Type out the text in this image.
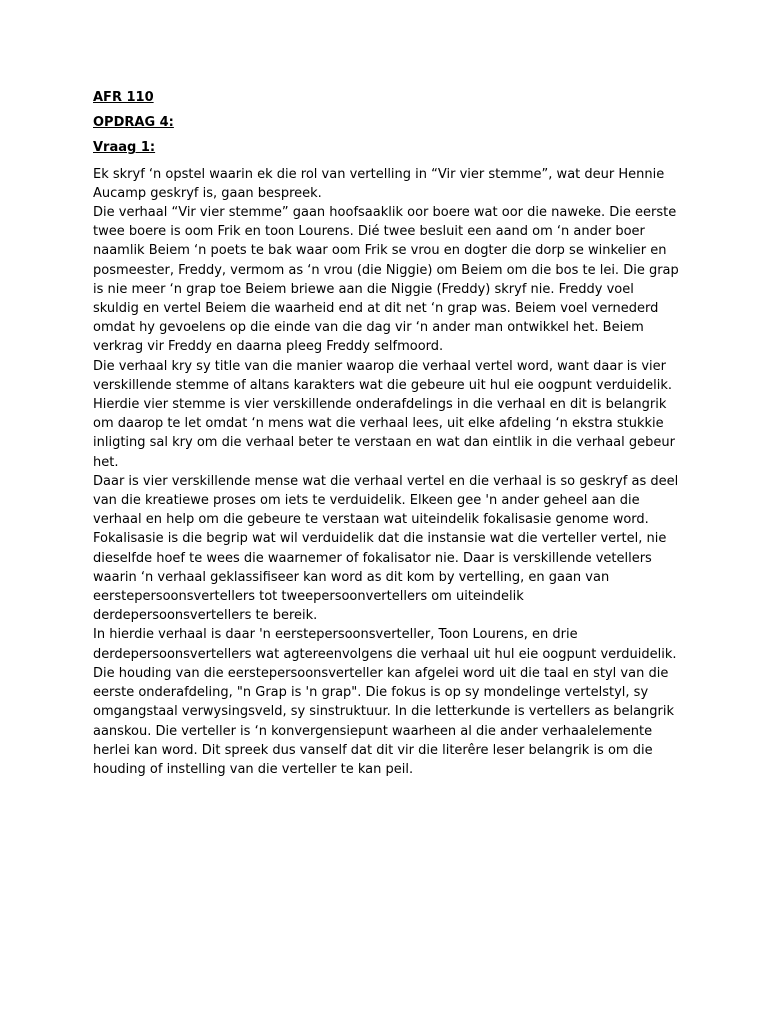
AFR 110

OPDRAG 4:

Vraag 1:

Ek skryf ‘n opstel waarin ek die rol van vertelling in “Vir vier stemme”, wat deur Hennie Aucamp geskryf is, gaan bespreek.

Die verhaal “Vir vier stemme” gaan hoofsaaklik oor boere wat oor die naweke. Die eerste twee boere is oom Frik en toon Lourens. Dié twee besluit een aand om ‘n ander boer naamlik Beiem ‘n poets te bak waar oom Frik se vrou en dogter die dorp se winkelier en posmeester, Freddy, vermom as ‘n vrou (die Niggie) om Beiem om die bos te lei. Die grap is nie meer ‘n grap toe Beiem briewe aan die Niggie (Freddy) skryf nie. Freddy voel skuldig en vertel Beiem die waarheid end at dit net ‘n grap was. Beiem voel vernederd omdat hy gevoelens op die einde van die dag vir ‘n ander man ontwikkel het. Beiem verkrag vir Freddy en daarna pleeg Freddy selfmoord.

Die verhaal kry sy title van die manier waarop die verhaal vertel word, want daar is vier verskillende stemme of altans karakters wat die gebeure uit hul eie oogpunt verduidelik. Hierdie vier stemme is vier verskillende onderafdelings in die verhaal en dit is belangrik om daarop te let omdat ‘n mens wat die verhaal lees, uit elke afdeling ‘n ekstra stukkie inligting sal kry om die verhaal beter te verstaan en wat dan eintlik in die verhaal gebeur het.

Daar is vier verskillende mense wat die verhaal vertel en die verhaal is so geskryf as deel van die kreatiewe proses om iets te verduidelik. Elkeen gee 'n ander geheel aan die verhaal en help om die gebeure te verstaan wat uiteindelik fokalisasie genome word. Fokalisasie is die begrip wat wil verduidelik dat die instansie wat die verteller vertel, nie dieselfde hoef te wees die waarnemer of fokalisator nie. Daar is verskillende vetellers waarin ‘n verhaal geklassifiseer kan word as dit kom by vertelling, en gaan van eerstepersoonsvertellers tot tweepersoonvertellers om uiteindelik derdepersoonsvertellers te bereik.

In hierdie verhaal is daar 'n eerstepersoonsverteller, Toon Lourens, en drie derdepersoonsvertellers wat agtereenvolgens die verhaal uit hul eie oogpunt verduidelik. Die houding van die eerstepersoonsverteller kan afgelei word uit die taal en styl van die eerste onderafdeling, "n Grap is 'n grap". Die fokus is op sy mondelinge vertelstyl, sy omgangstaal verwysingsveld, sy sinstruktuur. In die letterkunde is vertellers as belangrik aanskou. Die verteller is ‘n konvergensiepunt waarheen al die ander verhaalelemente herlei kan word. Dit spreek dus vanself dat dit vir die literêre leser belangrik is om die houding of instelling van die verteller te kan peil.
